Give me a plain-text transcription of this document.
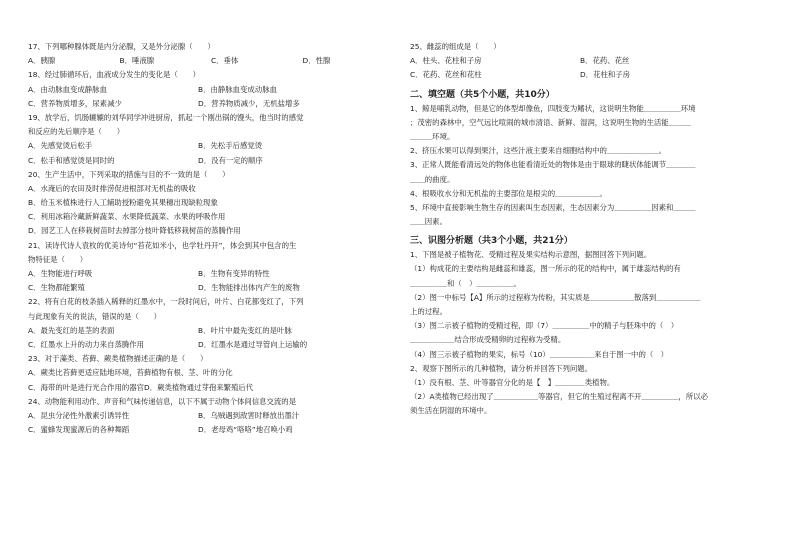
17、下列哪种腺体既是内分泌腺，又是外分泌腺（　　）
A．胰腺	B．唾液腺	C．垂体	D．性腺
18、经过肺循环后，血液成分发生的变化是（　　）
A．由动脉血变成静脉血	B．由静脉血变成动脉血
C．营养物质增多，尿素减少	D．营养物质减少，无机盐增多
19、放学后，饥肠辘辘的刘华同学冲进厨房，抓起一个刚出锅的馒头，他当时的感觉
和反应的先后顺序是（　　）
A．先感觉烫后松手	B．先松手后感觉烫
C．松手和感觉烫是同时的	D．没有一定的顺序
20、生产生活中，下列采取的措施与目的不一致的是（　　）
A．水淹后的农田及时排涝促进根部对无机盐的吸收
B．给玉米植株进行人工辅助授粉避免其果穗出现缺粒现象
C．利用冰箱冷藏新鲜蔬菜、水果降低蔬菜、水果的呼吸作用
D．园艺工人在移栽树苗时去掉部分枝叶降低移栽树苗的蒸腾作用
21、读诗代诗人袁枚的优美诗句“苔花如米小，也学牡丹开”，体会到其中包含的生
物特征是（　　）
A．生物能进行呼吸	B．生物有变异的特性
C．生物都能繁殖	D．生物能排出体内产生的废物
22、将有白花的枝条插入稀释的红墨水中，一段时间后，叶片、白花都变红了，下列
与此现象有关的说法，错误的是（　　）
A．最先变红的是茎的表面	B．叶片中最先变红的是叶脉
C．红墨水上升的动力来自蒸腾作用	D．红墨水是通过导管向上运输的
23、对于藻类、苔藓、蕨类植物描述正确的是（　　）
A．蕨类比苔藓更适应陆地环境，苔藓植物有根、茎、叶的分化
C．海带的叶是进行光合作用的器官D．蕨类植物通过芽孢来繁殖后代
24、动物能利用动作、声音和气味传递信息，以下不属于动物个体间信息交流的是
A．昆虫分泌性外激素引诱异性	B．乌贼遇到敌害时释放出墨汁
C．蜜蜂发现蜜源后的各种舞蹈	D．老母鸡“咯咯”地召唤小鸡
25、雌蕊的组成是（　　）
A．柱头、花柱和子房	B．花药、花丝
C．花药、花丝和花柱	D．花柱和子房
二、填空题（共5个小题，共10分）
1、鲸是哺乳动物，但是它的体型却像鱼，四肢变为鳍状，这说明生物能＿＿＿＿＿环境
；茂密的森林中，空气远比喧闹的城市清语、新鲜、湿润，这说明生物的生活能＿＿＿
＿＿＿环境。
2、挤压水果可以得到果汁，这些汁液主要来自细胞结构中的＿＿＿＿＿＿＿。
3、正常人既能看清远处的物体也能看清近处的物体是由于眼球的睫状体能调节＿＿＿＿
＿＿的曲度。
4、根吸收水分和无机盐的主要部位是根尖的＿＿＿＿＿＿。
5、环境中直接影响生物生存的因素叫生态因素，生态因素分为＿＿＿＿＿因素和＿＿＿
＿＿因素。
三、识图分析题（共3个小题，共21分）
1、下图是被子植物花、受精过程及果实结构示意图，据图回答下列问题。
（1）构成花的主要结构是雌蕊和雄蕊，图一所示的花的结构中，属于雄蕊结构的有
＿＿＿＿＿和（　）＿＿＿＿＿。
（2）图一中标号【A】所示的过程称为传粉，其实质是＿＿＿＿＿＿散落到＿＿＿＿＿＿
上的过程。
（3）图二示被子植物的受精过程，即（7）＿＿＿＿＿中的精子与胚珠中的（　）
＿＿＿＿＿＿结合形成受精卵的过程称为受精。
（4）图三示被子植物的果实，标号（10）＿＿＿＿＿＿来自于图一中的（　）
2、观察下图所示的几种植物，请分析并回答下列问题。
（1）没有根、茎、叶等器官分化的是【　】＿＿＿＿类植物。
（2）A类植物已经出现了＿＿＿＿＿＿等器官，但它的生殖过程离不开＿＿＿＿＿，所以必
须生活在阴湿的环境中。
